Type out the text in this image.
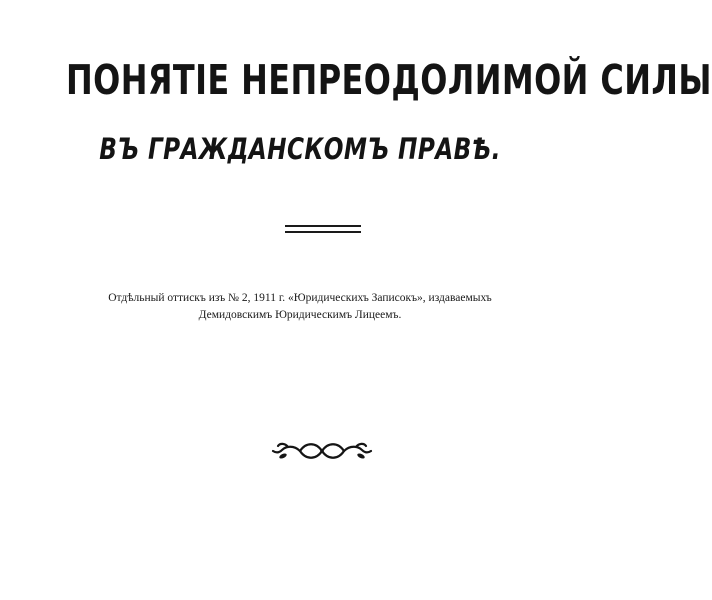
ПОНЯТІЕ НЕПРЕОДОЛИМОЙ СИЛЫ
ВЪ ГРАЖДАНСКОМЪ ПРАВѢ.
Отдѣльный оттискъ изъ № 2, 1911 г. «Юридическихъ Записокъ», издаваемыхъ
Демидовскимъ Юридическимъ Лицеемъ.
